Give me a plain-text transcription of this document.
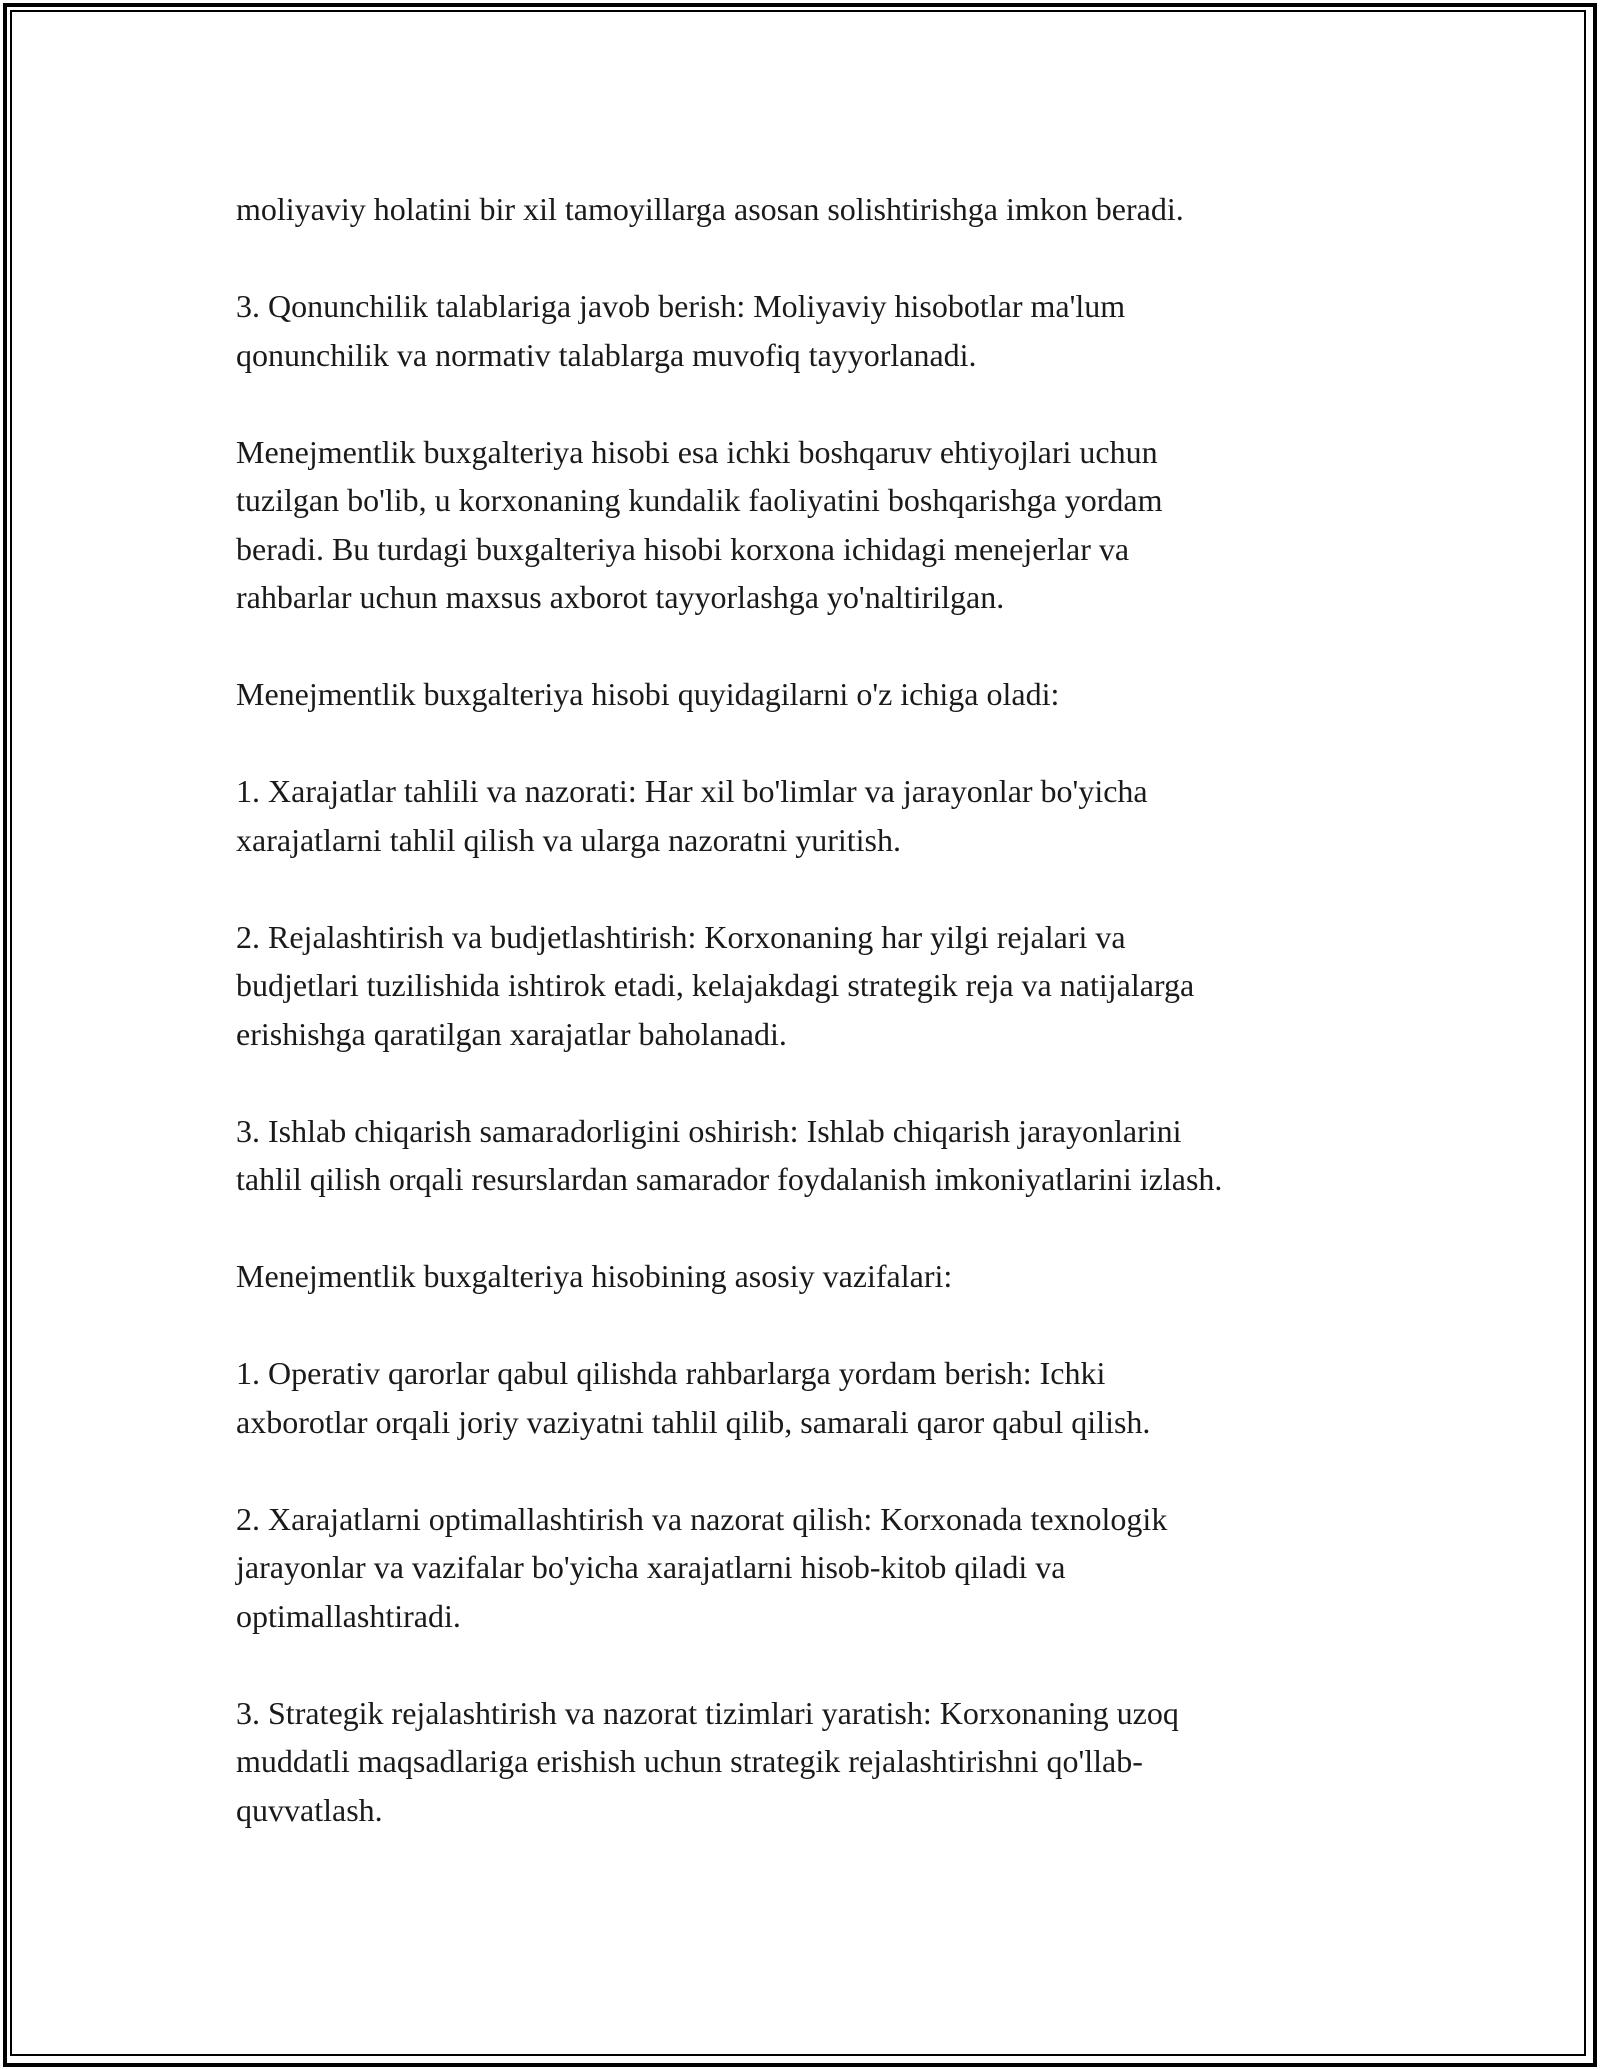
moliyaviy holatini bir xil tamoyillarga asosan solishtirishga imkon beradi.

3. Qonunchilik talablariga javob berish: Moliyaviy hisobotlar ma'lum
qonunchilik va normativ talablarga muvofiq tayyorlanadi.

Menejmentlik buxgalteriya hisobi esa ichki boshqaruv ehtiyojlari uchun
tuzilgan bo'lib, u korxonaning kundalik faoliyatini boshqarishga yordam
beradi. Bu turdagi buxgalteriya hisobi korxona ichidagi menejerlar va
rahbarlar uchun maxsus axborot tayyorlashga yo'naltirilgan.

Menejmentlik buxgalteriya hisobi quyidagilarni o'z ichiga oladi:

1. Xarajatlar tahlili va nazorati: Har xil bo'limlar va jarayonlar bo'yicha
xarajatlarni tahlil qilish va ularga nazoratni yuritish.

2. Rejalashtirish va budjetlashtirish: Korxonaning har yilgi rejalari va
budjetlari tuzilishida ishtirok etadi, kelajakdagi strategik reja va natijalarga
erishishga qaratilgan xarajatlar baholanadi.

3. Ishlab chiqarish samaradorligini oshirish: Ishlab chiqarish jarayonlarini
tahlil qilish orqali resurslardan samarador foydalanish imkoniyatlarini izlash.

Menejmentlik buxgalteriya hisobining asosiy vazifalari:

1. Operativ qarorlar qabul qilishda rahbarlarga yordam berish: Ichki
axborotlar orqali joriy vaziyatni tahlil qilib, samarali qaror qabul qilish.

2. Xarajatlarni optimallashtirish va nazorat qilish: Korxonada texnologik
jarayonlar va vazifalar bo'yicha xarajatlarni hisob-kitob qiladi va
optimallashtiradi.

3. Strategik rejalashtirish va nazorat tizimlari yaratish: Korxonaning uzoq
muddatli maqsadlariga erishish uchun strategik rejalashtirishni qo'llab-
quvvatlash.
